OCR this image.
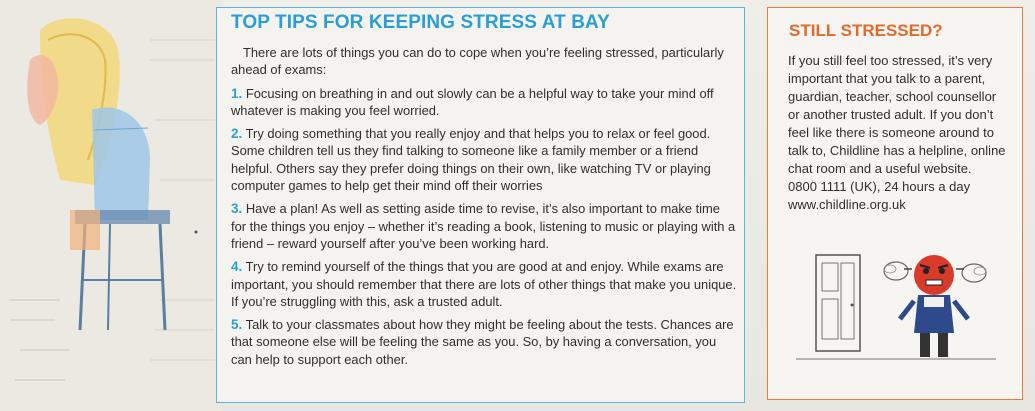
TOP TIPS FOR KEEPING STRESS AT BAY

There are lots of things you can do to cope when you’re feeling stressed, particularly ahead of exams:

1. Focusing on breathing in and out slowly can be a helpful way to take your mind off whatever is making you feel worried.

2. Try doing something that you really enjoy and that helps you to relax or feel good. Some children tell us they find talking to someone like a family member or a friend helpful. Others say they prefer doing things on their own, like watching TV or playing computer games to help get their mind off their worries

3. Have a plan! As well as setting aside time to revise, it’s also important to make time for the things you enjoy – whether it’s reading a book, listening to music or playing with a friend – reward yourself after you’ve been working hard.

4. Try to remind yourself of the things that you are good at and enjoy. While exams are important, you should remember that there are lots of other things that make you unique. If you’re struggling with this, ask a trusted adult.

5. Talk to your classmates about how they might be feeling about the tests. Chances are that someone else will be feeling the same as you. So, by having a conversation, you can help to support each other.

STILL STRESSED?

If you still feel too stressed, it’s very important that you talk to a parent, guardian, teacher, school counsellor or another trusted adult. If you don’t feel like there is someone around to talk to, Childline has a helpline, online chat room and a useful website.

0800 1111 (UK), 24 hours a day

www.childline.org.uk
